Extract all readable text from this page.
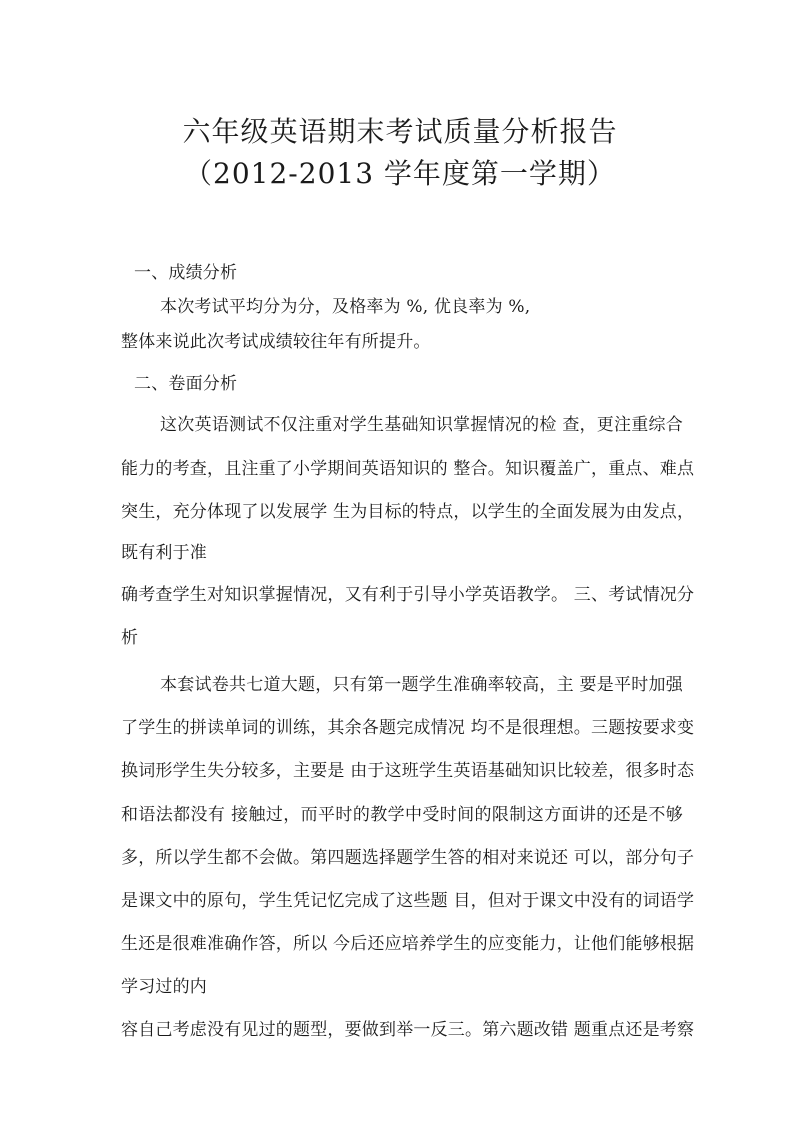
六年级英语期末考试质量分析报告
（2012-2013 学年度第一学期）
一、成绩分析
本次考试平均分为分，及格率为 %, 优良率为 %,
整体来说此次考试成绩较往年有所提升。
二、卷面分析
这次英语测试不仅注重对学生基础知识掌握情况的检 查，更注重综合
能力的考查，且注重了小学期间英语知识的 整合。知识覆盖广，重点、难点
突生，充分体现了以发展学 生为目标的特点，以学生的全面发展为由发点，
既有利于准
确考查学生对知识掌握情况，又有利于引导小学英语教学。 三、考试情况分
析
本套试卷共七道大题，只有第一题学生准确率较高，主 要是平时加强
了学生的拼读单词的训练，其余各题完成情况 均不是很理想。三题按要求变
换词形学生失分较多，主要是 由于这班学生英语基础知识比较差，很多时态
和语法都没有 接触过，而平时的教学中受时间的限制这方面讲的还是不够
多，所以学生都不会做。第四题选择题学生答的相对来说还 可以，部分句子
是课文中的原句，学生凭记忆完成了这些题 目，但对于课文中没有的词语学
生还是很难准确作答，所以 今后还应培养学生的应变能力，让他们能够根据
学习过的内
容自己考虑没有见过的题型，要做到举一反三。第六题改错 题重点还是考察
